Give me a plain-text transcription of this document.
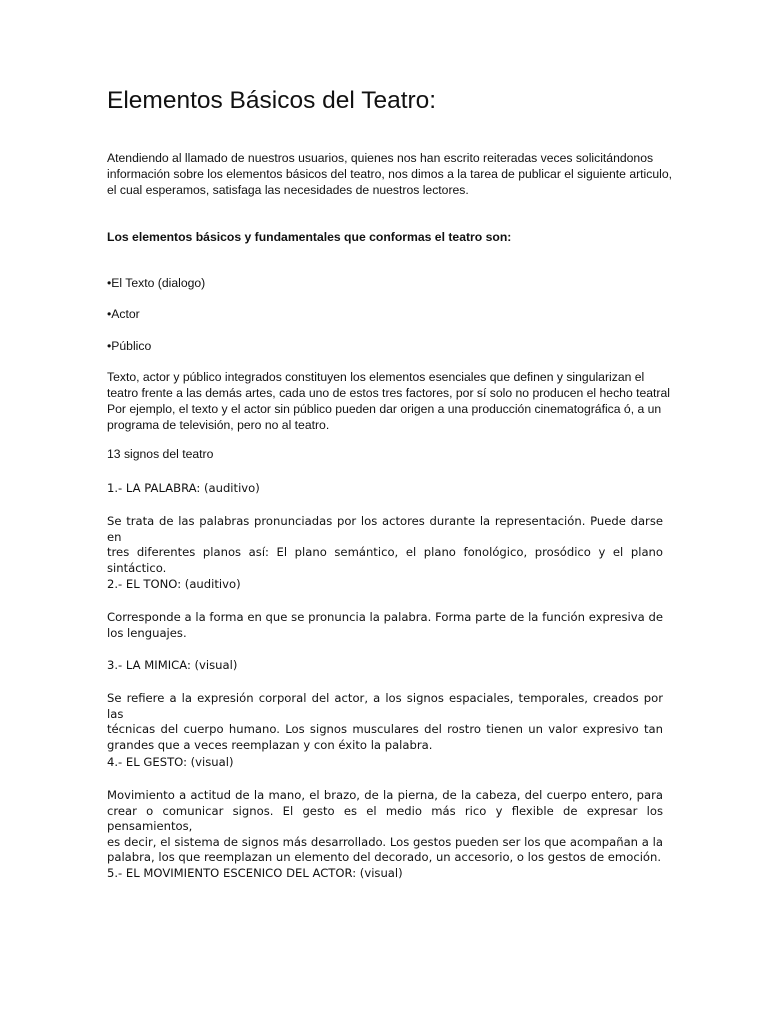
Elementos Básicos del Teatro:
Atendiendo al llamado de nuestros usuarios, quienes nos han escrito reiteradas veces solicitándonos
información sobre los elementos básicos del teatro, nos dimos a la tarea de publicar el siguiente articulo,
el cual esperamos, satisfaga las necesidades de nuestros lectores.
Los elementos básicos y fundamentales que conformas el teatro son:
•El Texto (dialogo)
•Actor
•Público
Texto, actor y público integrados constituyen los elementos esenciales que definen y singularizan el
teatro frente a las demás artes, cada uno de estos tres factores, por sí solo no producen el hecho teatral
Por ejemplo, el texto y el actor sin público pueden dar origen a una producción cinematográfica ó, a un
programa de televisión, pero no al teatro.
13 signos del teatro
1.- LA PALABRA: (auditivo)
Se trata de las palabras pronunciadas por los actores durante la representación. Puede darse en
tres diferentes planos así: El plano semántico, el plano fonológico, prosódico y el plano
sintáctico.
2.- EL TONO: (auditivo)
Corresponde a la forma en que se pronuncia la palabra. Forma parte de la función expresiva de
los lenguajes.
3.- LA MIMICA: (visual)
Se refiere a la expresión corporal del actor, a los signos espaciales, temporales, creados por las
técnicas del cuerpo humano. Los signos musculares del rostro tienen un valor expresivo tan
grandes que a veces reemplazan y con éxito la palabra.
4.- EL GESTO: (visual)
Movimiento a actitud de la mano, el brazo, de la pierna, de la cabeza, del cuerpo entero, para
crear o comunicar signos. El gesto es el medio más rico y flexible de expresar los pensamientos,
es decir, el sistema de signos más desarrollado. Los gestos pueden ser los que acompañan a la
palabra, los que reemplazan un elemento del decorado, un accesorio, o los gestos de emoción.
5.- EL MOVIMIENTO ESCENICO DEL ACTOR: (visual)
